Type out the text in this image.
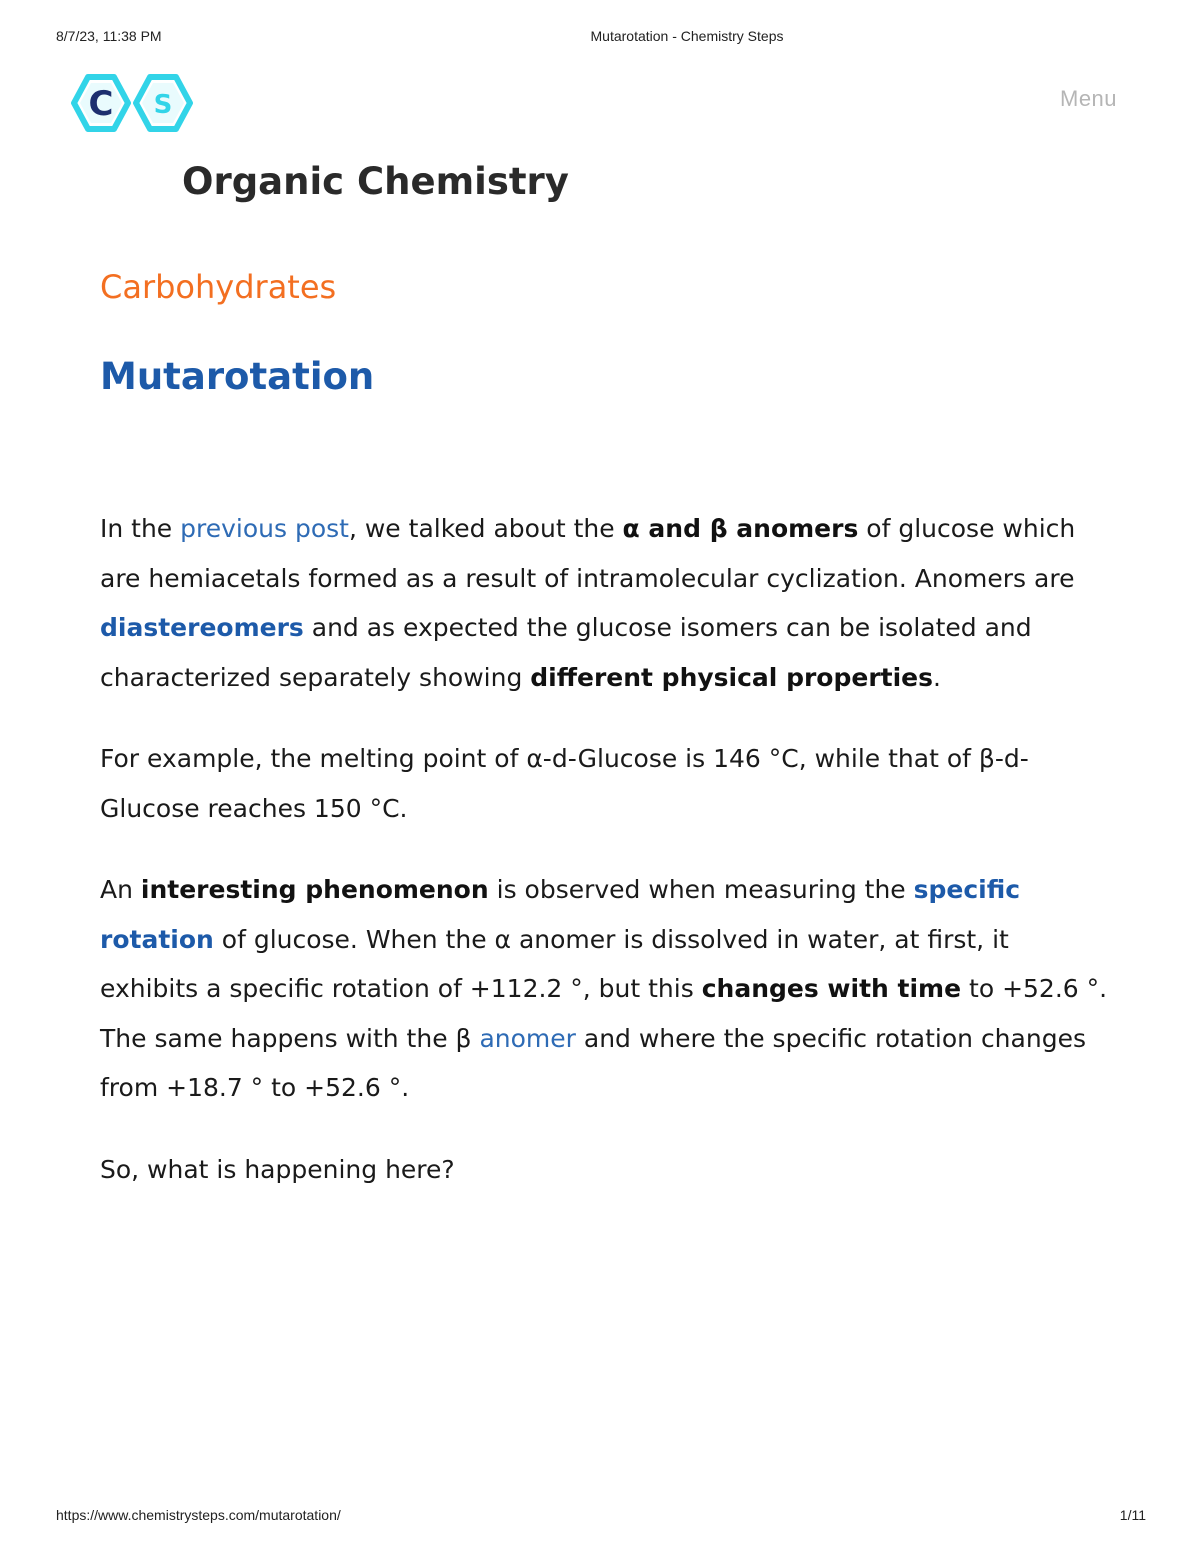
8/7/23, 11:38 PM	Mutarotation - Chemistry Steps
C S	Menu
Organic Chemistry
Carbohydrates
Mutarotation

In the previous post, we talked about the α and β anomers of glucose which are hemiacetals formed as a result of intramolecular cyclization. Anomers are diastereomers and as expected the glucose isomers can be isolated and characterized separately showing different physical properties.

For example, the melting point of α-d-Glucose is 146 °C, while that of β-d-Glucose reaches 150 °C.

An interesting phenomenon is observed when measuring the specific rotation of glucose. When the α anomer is dissolved in water, at first, it exhibits a specific rotation of +112.2 °, but this changes with time to +52.6 °. The same happens with the β anomer and where the specific rotation changes from +18.7 ° to +52.6 °.

So, what is happening here?

https://www.chemistrysteps.com/mutarotation/	1/11
